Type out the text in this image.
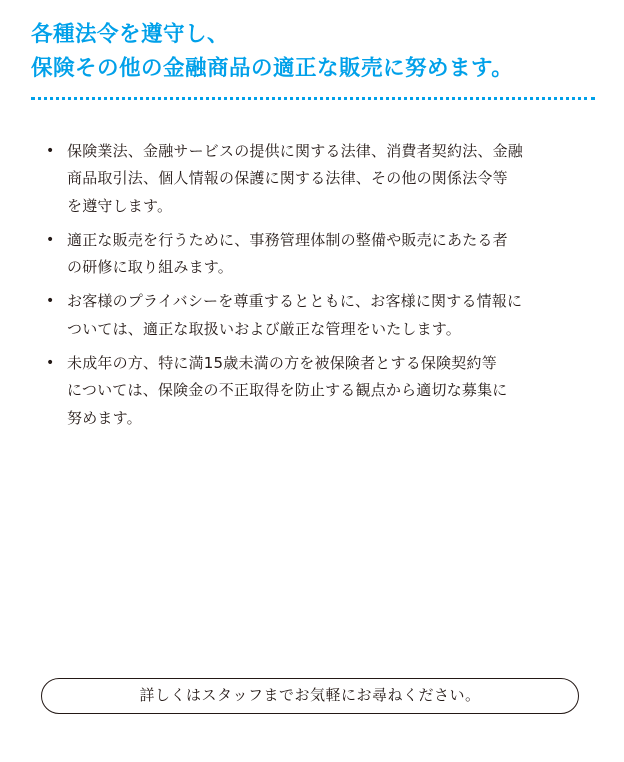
各種法令を遵守し、
保険その他の金融商品の適正な販売に努めます。
• 保険業法、金融サービスの提供に関する法律、消費者契約法、金融
商品取引法、個人情報の保護に関する法律、その他の関係法令等
を遵守します。
• 適正な販売を行うために、事務管理体制の整備や販売にあたる者
の研修に取り組みます。
• お客様のプライバシーを尊重するとともに、お客様に関する情報に
ついては、適正な取扱いおよび厳正な管理をいたします。
• 未成年の方、特に満15歳未満の方を被保険者とする保険契約等
については、保険金の不正取得を防止する観点から適切な募集に
努めます。
詳しくはスタッフまでお気軽にお尋ねください。
